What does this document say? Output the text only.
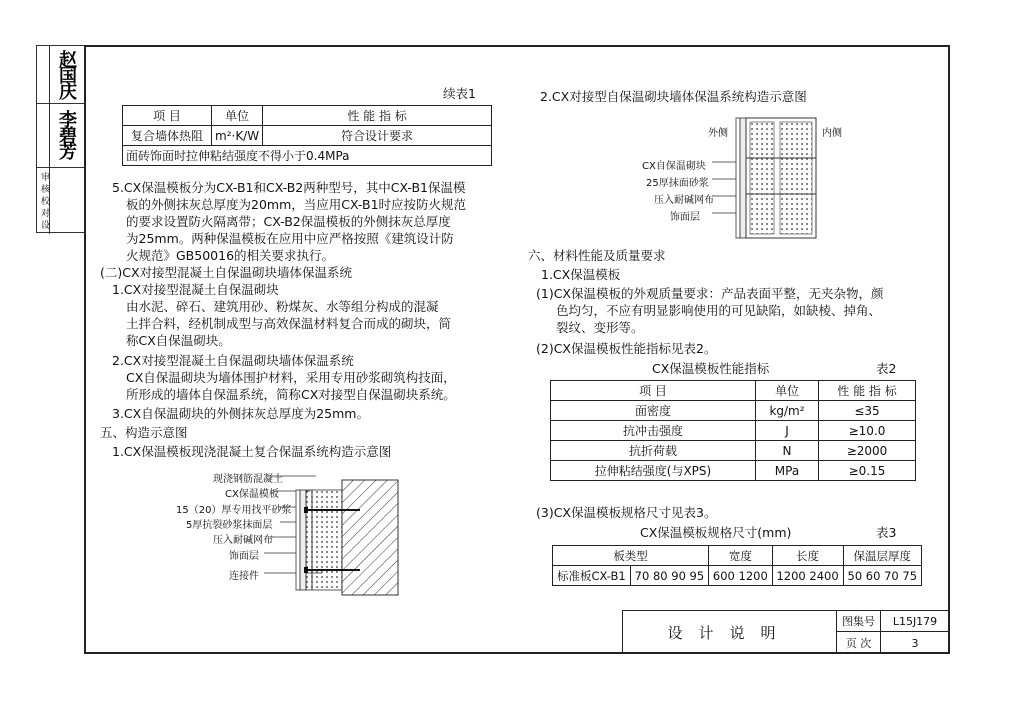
赵国庆
李碧芳
审
核
校
对
设
续表1
项 目	单位	性 能 指 标
复合墙体热阻	m²·K/W	符合设计要求
面砖饰面时拉伸粘结强度不得小于0.4MPa		
5.CX保温模板分为CX-B1和CX-B2两种型号，其中CX-B1保温模
板的外侧抹灰总厚度为20mm，当应用CX-B1时应按防火规范
的要求设置防火隔离带；CX-B2保温模板的外侧抹灰总厚度
为25mm。两种保温模板在应用中应严格按照《建筑设计防
火规范》GB50016的相关要求执行。
(二)CX对接型混凝土自保温砌块墙体保温系统
1.CX对接型混凝土自保温砌块
由水泥、碎石、建筑用砂、粉煤灰、水等组分构成的混凝
土拌合料，经机制成型与高效保温材料复合而成的砌块，简
称CX自保温砌块。
2.CX对接型混凝土自保温砌块墙体保温系统
CX自保温砌块为墙体围护材料，采用专用砂浆砌筑构技面，
所形成的墙体自保温系统，简称CX对接型自保温砌块系统。
3.CX自保温砌块的外侧抹灰总厚度为25mm。
五、构造示意图
1.CX保温模板现浇混凝土复合保温系统构造示意图
现浇钢筋混凝土
CX保温模板
15（20）厚专用找平砂浆
5厚抗裂砂浆抹面层
压入耐碱网布
饰面层
连接件
2.CX对接型自保温砌块墙体保温系统构造示意图
外侧	内侧
CX自保温砌块
25厚抹面砂浆
压入耐碱网布
饰面层
六、材料性能及质量要求
1.CX保温模板
(1)CX保温模板的外观质量要求：产品表面平整，无夹杂物，颜
色均匀，不应有明显影响使用的可见缺陷，如缺棱、掉角、
裂纹、变形等。
(2)CX保温模板性能指标见表2。
CX保温模板性能指标	表2
项 目	单位	性 能 指 标
面密度	kg/m²	≤35
抗冲击强度	J	≥10.0
抗折荷载	N	≥2000
拉伸粘结强度(与XPS)	MPa	≥0.15
(3)CX保温模板规格尺寸见表3。
CX保温模板规格尺寸(mm)	表3
板类型		宽度	长度	保温层厚度
标准板CX-B1	70 80 90 95	600 1200	1200 2400	50 60 70 75
设计说明
图集号	L15J179
页 次	3
